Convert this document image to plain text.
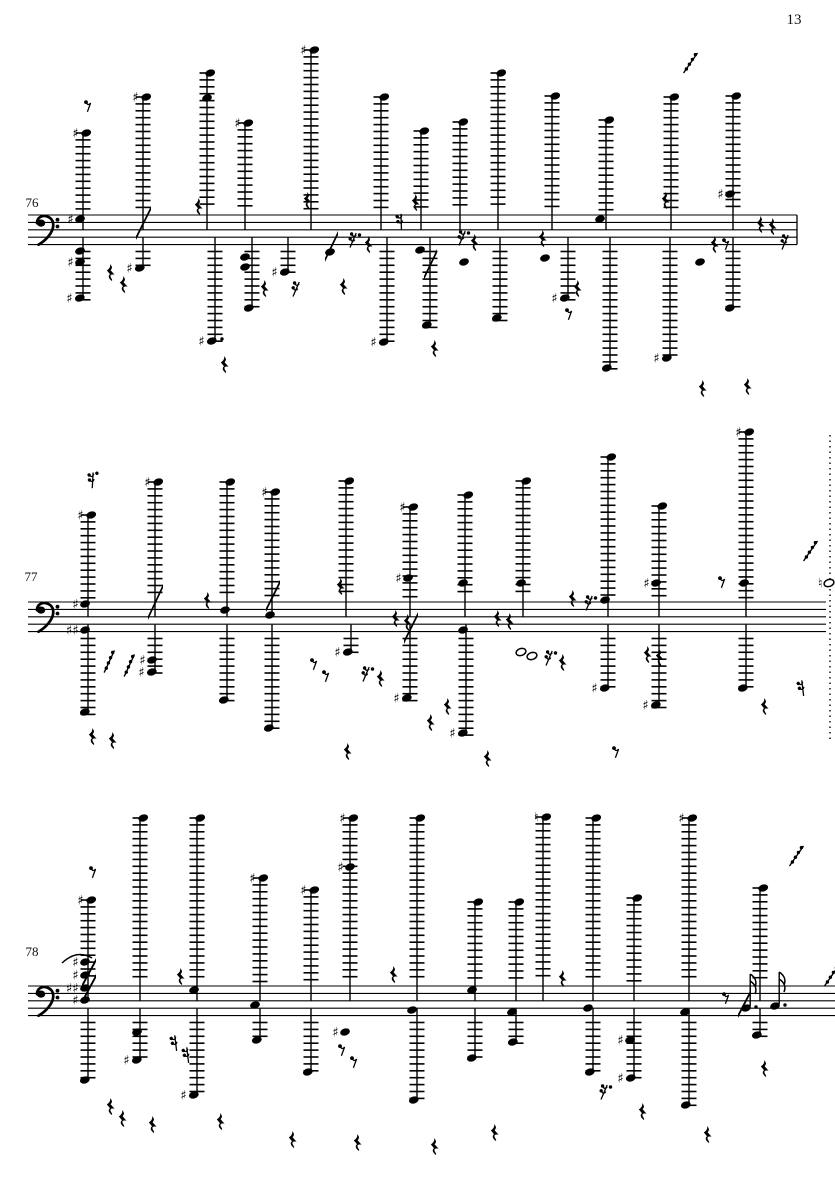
♯
♯
♯
♯
♯
♯
♯
♯
♯
♯
♯
♯
♯
♯
♯
♯
♯
♯
♯
♯
♯
♯
♯
♯
♯
♯
♯♯
♯
♯	♯	♮
♯
♯
♯
♯	♮	♯
♯
♯
♯
♯
♯
♯♯
♯
♯
♯
♯
13
76
77
78
